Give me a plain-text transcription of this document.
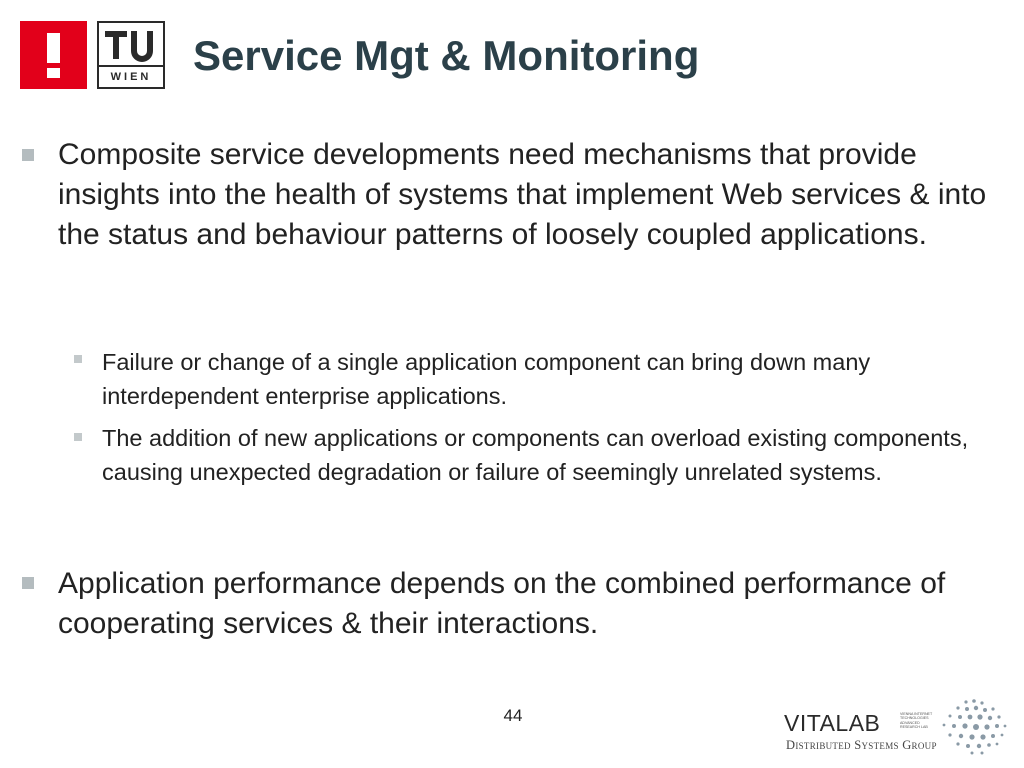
WIEN Service Mgt & Monitoring
Composite service developments need mechanisms that provide insights into the health of systems that implement Web services & into the status and behaviour patterns of loosely coupled applications.
Failure or change of a single application component can bring down many interdependent enterprise applications.
The addition of new applications or components can overload existing components, causing unexpected degradation or failure of seemingly unrelated systems.
Application performance depends on the combined performance of cooperating services & their interactions.
44	VITALAB	VIENNA INTERNET TECHNOLOGIES ADVANCED RESEARCH LAB
Distributed Systems Group
